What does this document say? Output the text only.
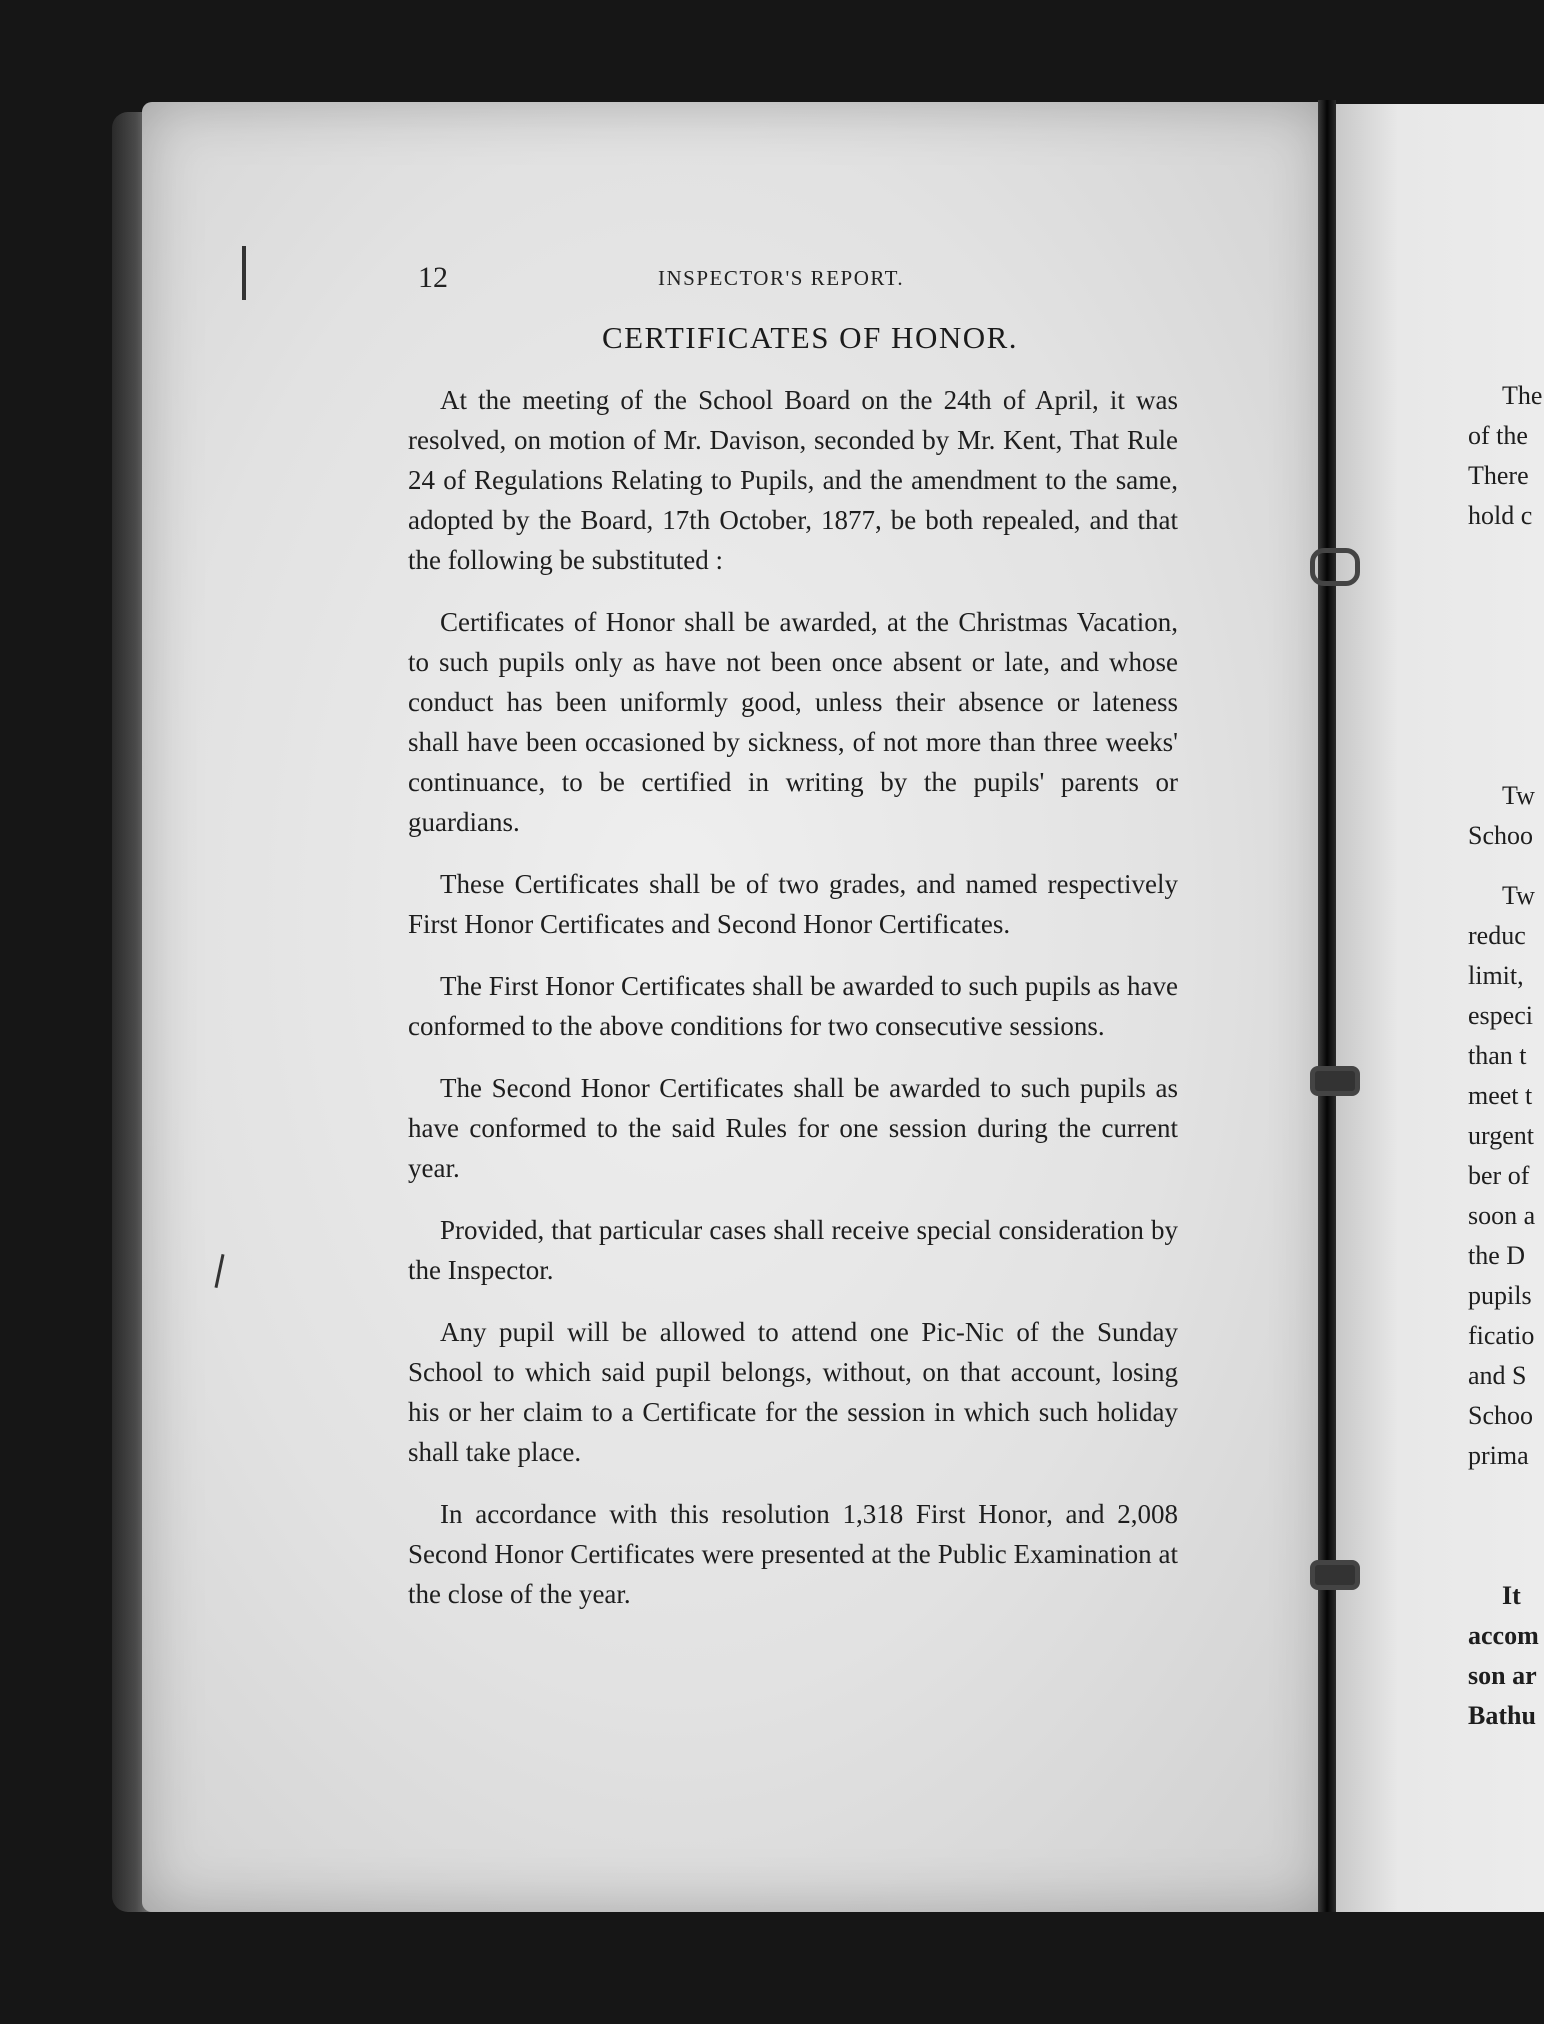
12	INSPECTOR'S REPORT.
CERTIFICATES OF HONOR.

At the meeting of the School Board on the 24th of April, it was resolved, on motion of Mr. Davison, seconded by Mr. Kent, That Rule 24 of Regulations Relating to Pupils, and the amendment to the same, adopted by the Board, 17th October, 1877, be both repealed, and that the following be substituted :

Certificates of Honor shall be awarded, at the Christmas Vacation, to such pupils only as have not been once absent or late, and whose conduct has been uniformly good, unless their absence or lateness shall have been occasioned by sickness, of not more than three weeks' continuance, to be certified in writing by the pupils' parents or guardians.

These Certificates shall be of two grades, and named respectively First Honor Certificates and Second Honor Certificates.

The First Honor Certificates shall be awarded to such pupils as have conformed to the above conditions for two consecutive sessions.

The Second Honor Certificates shall be awarded to such pupils as have conformed to the said Rules for one session during the current year.

Provided, that particular cases shall receive special consideration by the Inspector.

Any pupil will be allowed to attend one Pic-Nic of the Sunday School to which said pupil belongs, without, on that account, losing his or her claim to a Certificate for the session in which such holiday shall take place.

In accordance with this resolution 1,318 First Honor, and 2,008 Second Honor Certificates were presented at the Public Examination at the close of the year.

The
of the
There
hold c
Tw
Schoo
Tw
reduc
limit,
especi
than t
meet t
urgent
ber of
soon a
the D
pupils
ficatio
and S
Schoo
prima
It
accom
son ar
Bathu
